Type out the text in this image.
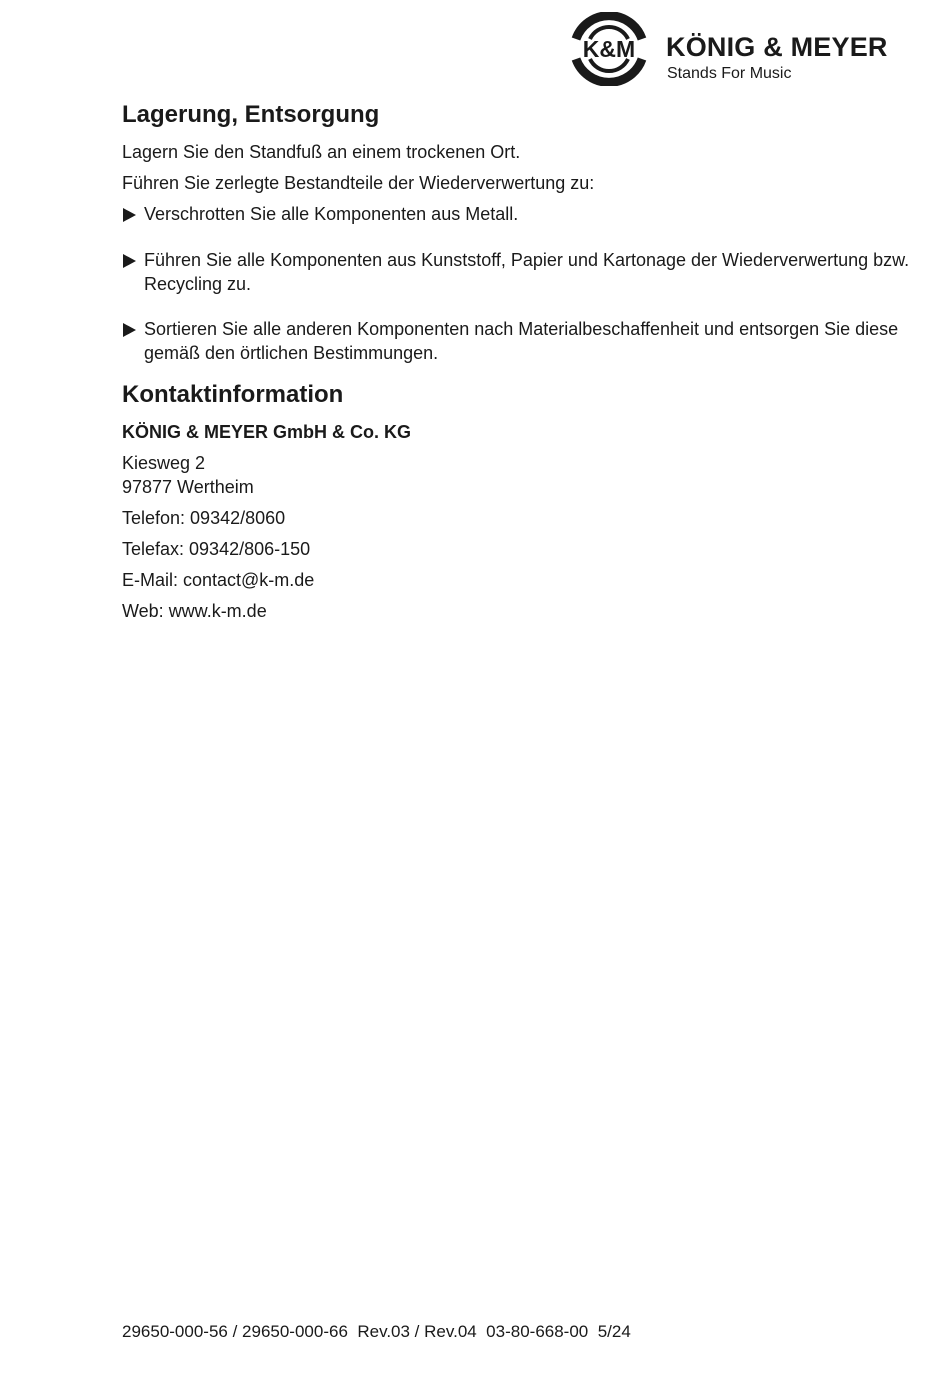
K&M KÖNIG & MEYER
Stands For Music
Lagerung, Entsorgung

Lagern Sie den Standfuß an einem trockenen Ort.

Führen Sie zerlegte Bestandteile der Wiederverwertung zu:

Verschrotten Sie alle Komponenten aus Metall.
Führen Sie alle Komponenten aus Kunststoff, Papier und Kartonage der Wiederverwertung bzw. Recycling zu.
Sortieren Sie alle anderen Komponenten nach Materialbeschaffenheit und entsorgen Sie diese gemäß den örtlichen Bestimmungen.
Kontaktinformation

KÖNIG & MEYER GmbH & Co. KG

Kiesweg 2

97877 Wertheim

Telefon: 09342/8060

Telefax: 09342/806-150

E-Mail: contact@k-m.de

Web: www.k-m.de

29650-000-56 / 29650-000-66  Rev.03 / Rev.04  03-80-668-00  5/24
